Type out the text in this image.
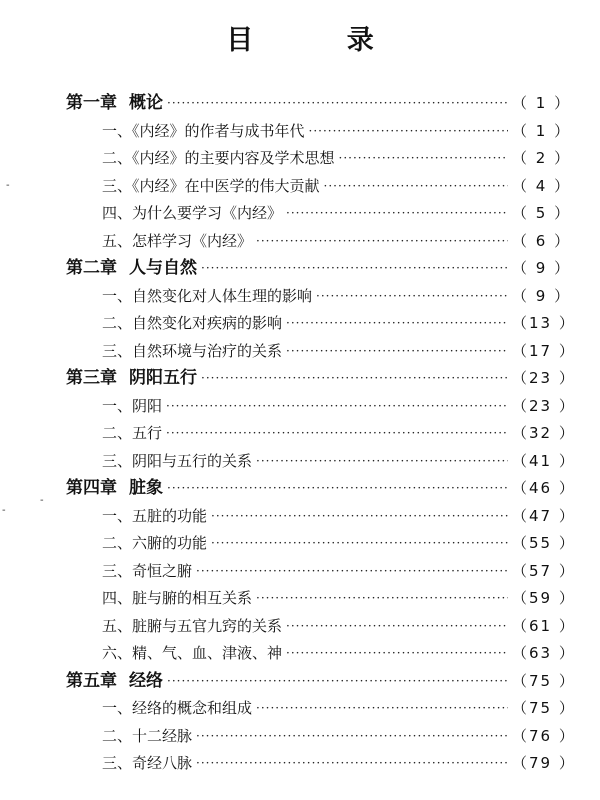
目 录
第一章 概论 ·····	（ 1 ）
一、《内经》的作者与成书年代 ·····	（ 1 ）
二、《内经》的主要内容及学术思想 ·····	（ 2 ）
三、《内经》在中医学的伟大贡献 ·····	（ 4 ）
四、为什么要学习《内经》 ·····	（ 5 ）
五、怎样学习《内经》 ·····	（ 6 ）
第二章 人与自然 ·····	（ 9 ）
一、自然变化对人体生理的影响 ·····	（ 9 ）
二、自然变化对疾病的影响 ·····	（13 ）
三、自然环境与治疗的关系 ·····	（17 ）
第三章 阴阳五行 ·····	（23 ）
一、阴阳 ·····	（23 ）
二、五行 ·····	（32 ）
三、阴阳与五行的关系 ·····	（41 ）
第四章 脏象 ·····	（46 ）
一、五脏的功能 ·····	（47 ）
二、六腑的功能 ·····	（55 ）
三、奇恒之腑 ·····	（57 ）
四、脏与腑的相互关系 ·····	（59 ）
五、脏腑与五官九窍的关系 ·····	（61 ）
六、精、气、血、津液、神 ·····	（63 ）
第五章 经络 ·····	（75 ）
一、经络的概念和组成 ·····	（75 ）
二、十二经脉 ·····	（76 ）
三、奇经八脉 ·····	（79 ）
-
-
-
